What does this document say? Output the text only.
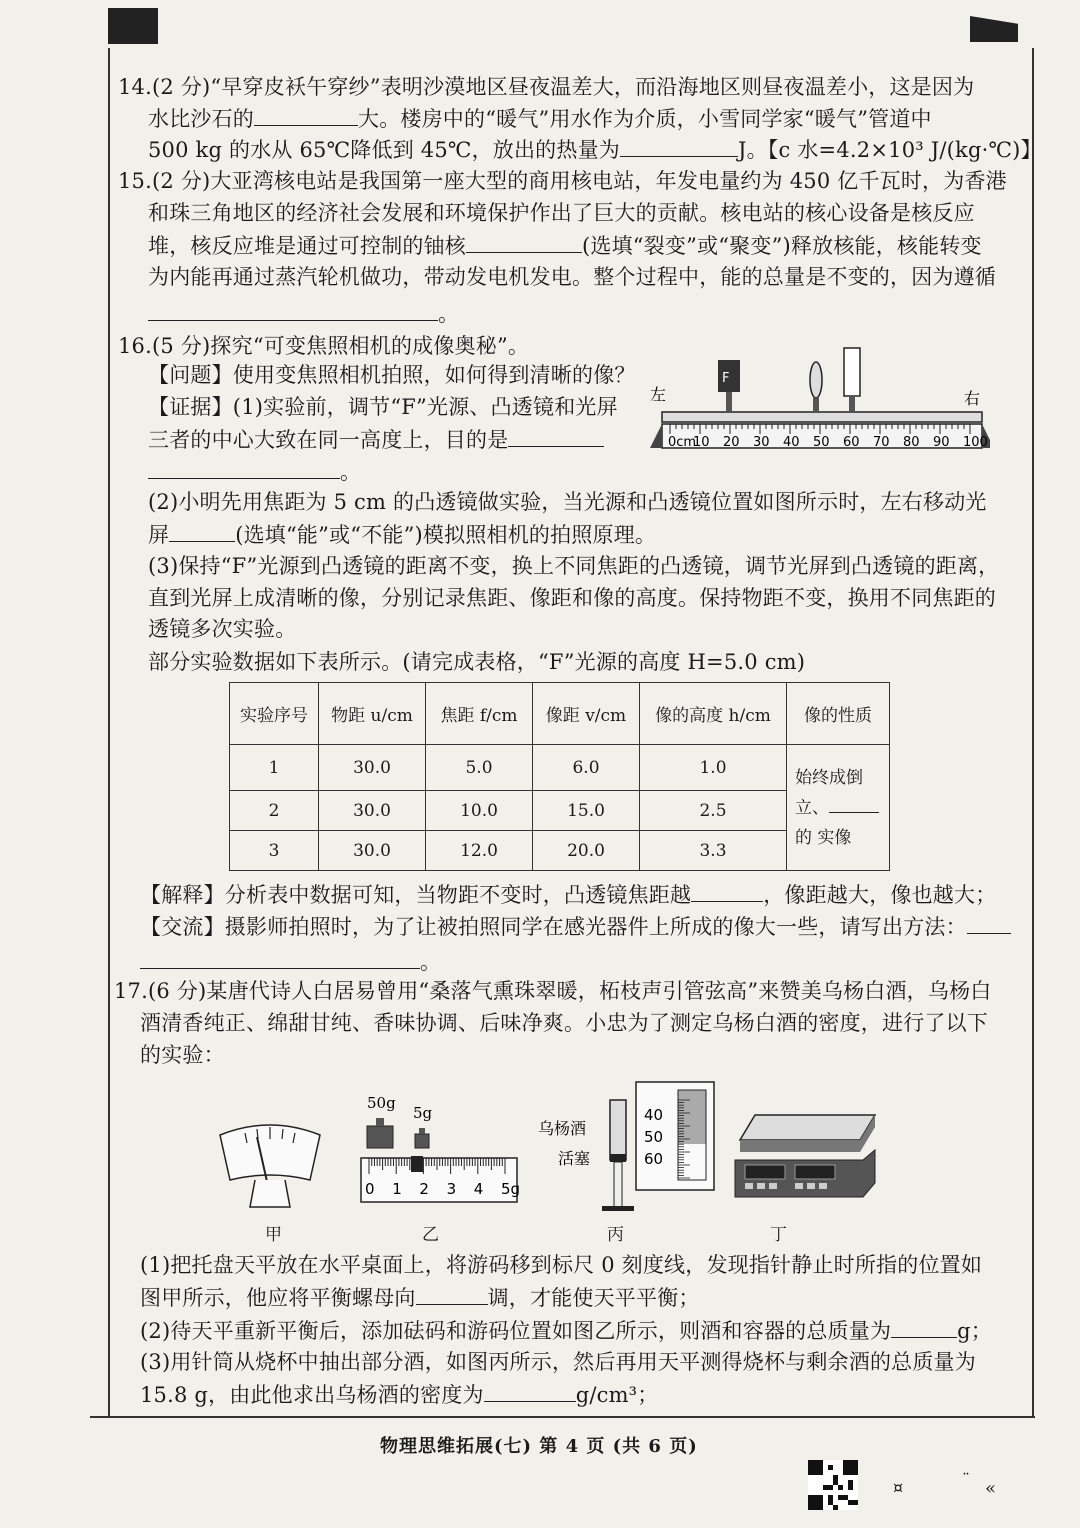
14.(2 分)“早穿皮袄午穿纱”表明沙漠地区昼夜温差大，而沿海地区则昼夜温差小，这是因为
水比沙石的	大。楼房中的“暖气”用水作为介质，小雪同学家“暖气”管道中
500 kg 的水从 65℃降低到 45℃，放出的热量为	J。【c 水=4.2×10³ J/(kg·℃)】
15.(2 分)大亚湾核电站是我国第一座大型的商用核电站，年发电量约为 450 亿千瓦时，为香港
和珠三角地区的经济社会发展和环境保护作出了巨大的贡献。核电站的核心设备是核反应
堆，核反应堆是通过可控制的铀核	(选填“裂变”或“聚变”)释放核能，核能转变
为内能再通过蒸汽轮机做功，带动发电机发电。整个过程中，能的总量是不变的，因为遵循
。
16.(5 分)探究“可变焦照相机的成像奥秘”。
【问题】使用变焦照相机拍照，如何得到清晰的像？
【证据】(1)实验前，调节“F”光源、凸透镜和光屏
三者的中心大致在同一高度上，目的是
。
左	右
0cm
10 20 30 40 50 60 70 80 90 100
F
(2)小明先用焦距为 5 cm 的凸透镜做实验，当光源和凸透镜位置如图所示时，左右移动光
屏	(选填“能”或“不能”)模拟照相机的拍照原理。
(3)保持“F”光源到凸透镜的距离不变，换上不同焦距的凸透镜，调节光屏到凸透镜的距离，
直到光屏上成清晰的像，分别记录焦距、像距和像的高度。保持物距不变，换用不同焦距的
透镜多次实验。
部分实验数据如下表所示。(请完成表格，“F”光源的高度 H=5.0 cm)
实验序号	物距 u/cm	焦距 f/cm	像距 v/cm	像的高度 h/cm	像的性质
1	30.0	5.0	6.0	1.0	始终成倒
立、
的 实像

2	30.0	10.0	15.0	2.5	
3	30.0	12.0	20.0	3.3	
【解释】分析表中数据可知，当物距不变时，凸透镜焦距越	，像距越大，像也越大；
【交流】摄影师拍照时，为了让被拍照同学在感光器件上所成的像大一些，请写出方法：
。
17.(6 分)某唐代诗人白居易曾用“桑落气熏珠翠暖，柘枝声引管弦高”来赞美乌杨白酒，乌杨白
酒清香纯正、绵甜甘纯、香味协调、后味净爽。小忠为了测定乌杨白酒的密度，进行了以下
的实验：
50g
5g
0 1 2 3 4 5g
乌杨酒
活塞
40
50
60
甲	乙	丙	丁
(1)把托盘天平放在水平桌面上，将游码移到标尺 0 刻度线，发现指针静止时所指的位置如
图甲所示，他应将平衡螺母向	调，才能使天平平衡；
(2)待天平重新平衡后，添加砝码和游码位置如图乙所示，则酒和容器的总质量为	g；
(3)用针筒从烧杯中抽出部分酒，如图丙所示，然后再用天平测得烧杯与剩余酒的总质量为
15.8 g，由此他求出乌杨酒的密度为	g/cm³；
物理思维拓展(七) 第 4 页 (共 6 页)
¤	¨ «
